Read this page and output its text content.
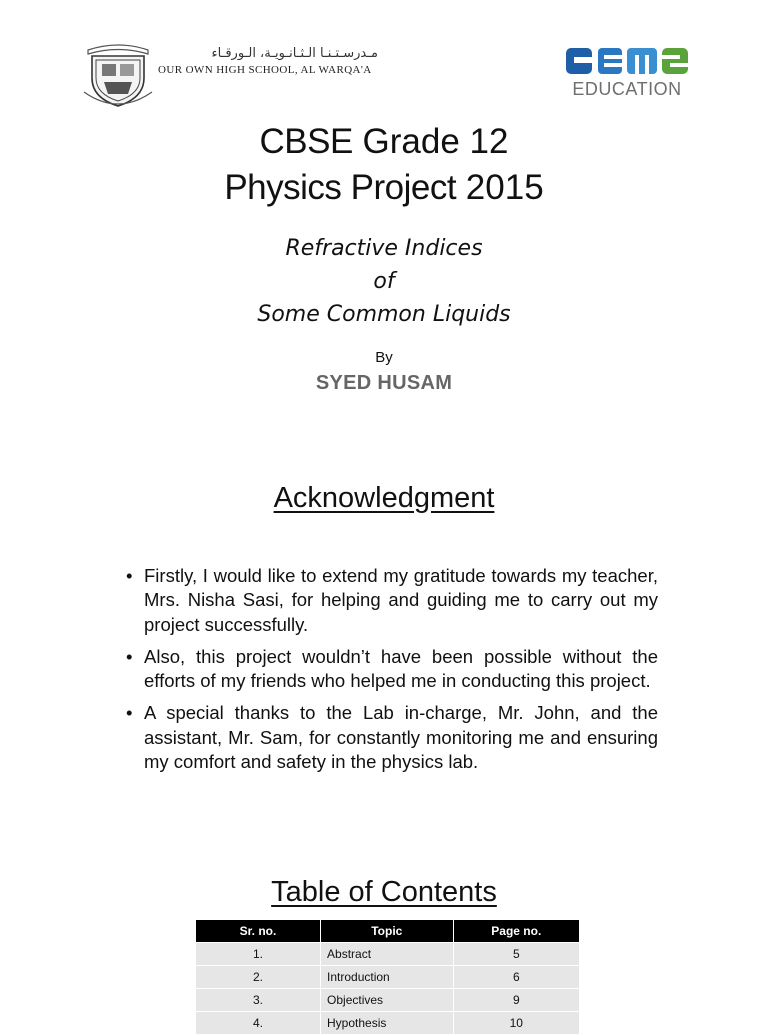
مـدرسـتـنـا الـثـانـويـة، الـورقـاء
OUR OWN HIGH SCHOOL, AL WARQA'A
EDUCATION
CBSE Grade 12
Physics Project 2015
Refractive Indices
of
Some Common Liquids
By
SYED HUSAM
Acknowledgment
• Firstly, I would like to extend my gratitude towards my teacher, Mrs. Nisha Sasi, for helping and guiding me to carry out my project successfully.
• Also, this project wouldn’t have been possible without the efforts of my friends who helped me in conducting this project.
• A special thanks to the Lab in-charge, Mr. John, and the assistant, Mr. Sam, for constantly monitoring me and ensuring my comfort and safety in the physics lab.
Table of Contents
Sr. no.	Topic	Page no.
1.	Abstract	5
2.	Introduction	6
3.	Objectives	9
4.	Hypothesis	10
